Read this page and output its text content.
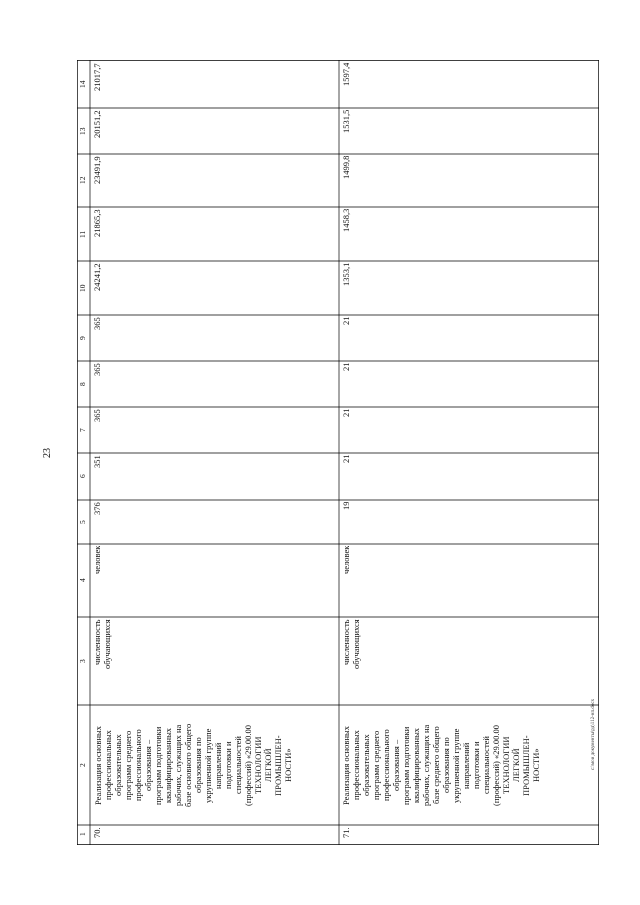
23
1
2
3
4
5
6
7
8
9
10
11
12
13
14
70.
Реализация основных
профессиональных
образовательных
программ среднего
профессионального
образования –
программ подготовки
квалифицированных
рабочих, служащих на
базе основного общего
образования по
укрупненной группе
направлений
подготовки и
специальностей
(профессий) «29.00.00
ТЕХНОЛОГИИ
ЛЕГКОЙ
ПРОМЫШЛЕН-
НОСТИ»
численность
обучающихся
человек
376
351
365
365
365
24241,2
21865,3
23491,9
20151,2
21017,7
71.
Реализация основных
профессиональных
образовательных
программ среднего
профессионального
образования –
программ подготовки
квалифицированных
рабочих, служащих на
базе среднего общего
образования по
укрупненной группе
направлений
подготовки и
специальностей
(профессий) «29.00.00
ТЕХНОЛОГИИ
ЛЕГКОЙ
ПРОМЫШЛЕН-
НОСТИ»
численность
обучающихся
человек
19
21
21
21
21
1353,1
1458,3
1499,8
1531,5
1597,4
c:\мои документы\рд\112-нп.docx
